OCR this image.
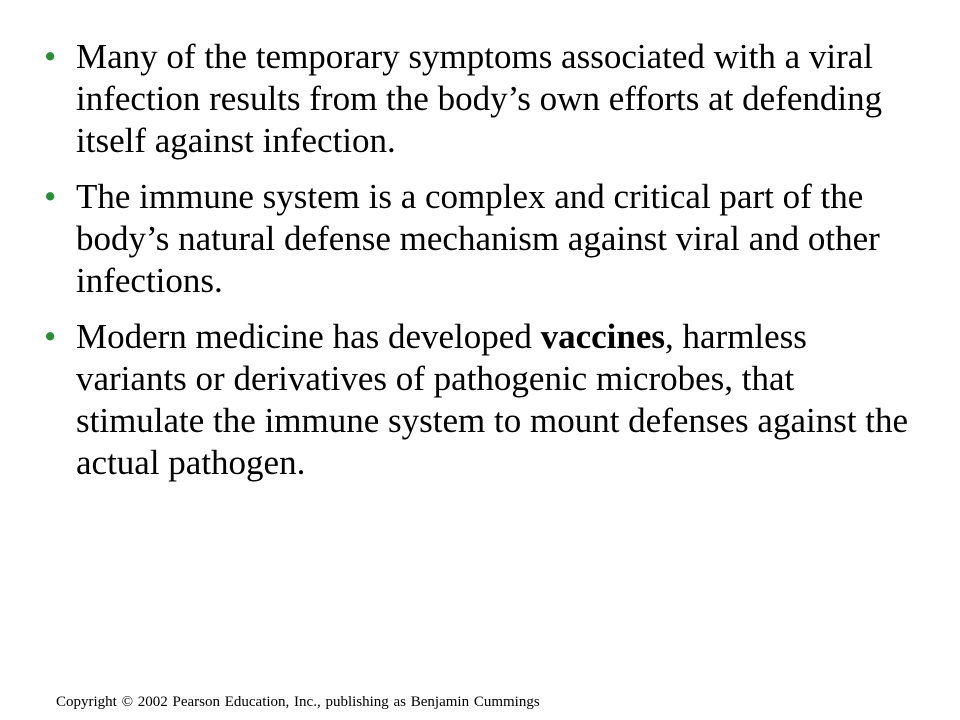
• Many of the temporary symptoms associated with a viral infection results from the body’s own efforts at defending itself against infection.
• The immune system is a complex and critical part of the body’s natural defense mechanism against viral and other infections.
• Modern medicine has developed vaccines, harmless variants or derivatives of pathogenic microbes, that stimulate the immune system to mount defenses against the actual pathogen.
Copyright © 2002 Pearson Education, Inc., publishing as Benjamin Cummings
